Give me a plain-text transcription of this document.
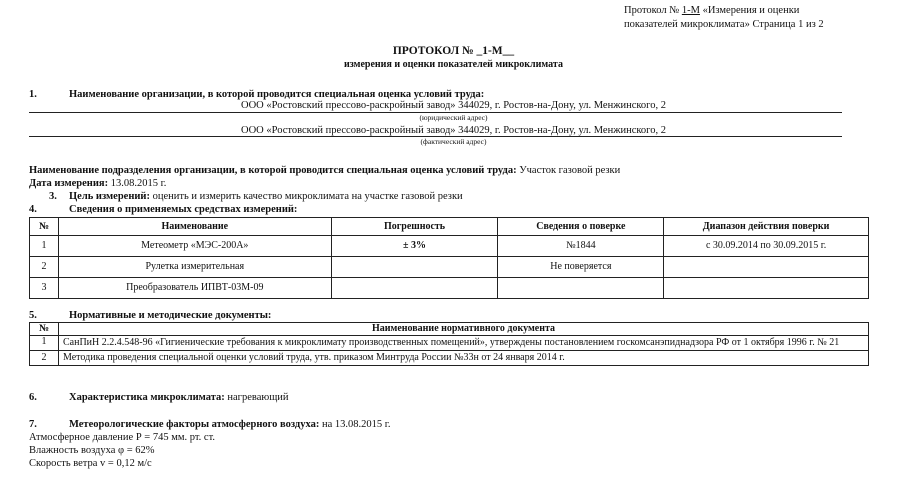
Протокол № 1-М «Измерения и оценки
показателей микроклимата» Страница 1 из 2
ПРОТОКОЛ № _1-М__
измерения и оценки показателей микроклимата
1.	Наименование организации, в которой проводится специальная оценка условий труда:
ООО «Ростовский прессово-раскройный завод» 344029, г. Ростов-на-Дону, ул. Менжинского, 2
(юридический адрес)
ООО «Ростовский прессово-раскройный завод» 344029, г. Ростов-на-Дону, ул. Менжинского, 2
(фактический адрес)
Наименование подразделения организации, в которой проводится специальная оценка условий труда: Участок газовой резки
Дата измерения: 13.08.2015 г.
3. Цель измерений: оценить и измерить качество микроклимата на участке газовой резки
4.	Сведения о применяемых средствах измерений:
№	Наименование	Погрешность	Сведения о поверке	Диапазон действия поверки
1	Метеометр «МЭС-200А»	± 3%	№1844	с 30.09.2014 по 30.09.2015 г.
2	Рулетка измерительная		Не поверяется	
3	Преобразователь ИПВТ-03М-09			
5.	Нормативные и методические документы:
№	Наименование нормативного документа
1	СанПиН 2.2.4.548-96 «Гигиенические требования к микроклимату производственных помещений», утверждены постановлением госкомсанэпиднадзора РФ от 1 октября 1996 г. № 21
2	Методика проведения специальной оценки условий труда, утв. приказом Минтруда России №33н от 24 января 2014 г.
6.	Характеристика микроклимата: нагревающий
7.	Метеорологические факторы атмосферного воздуха: на 13.08.2015 г.
Атмосферное давление Р = 745 мм. рт. ст.
Влажность воздуха φ = 62%
Скорость ветра v = 0,12 м/с
